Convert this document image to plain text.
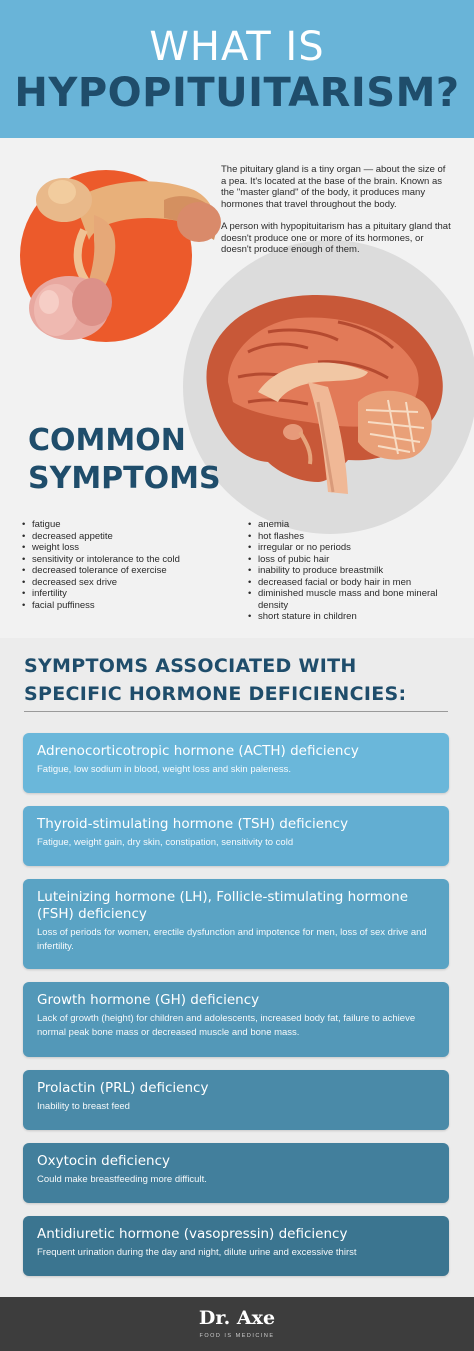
WHAT IS
HYPOPITUITARISM?

The pituitary gland is a tiny organ — about the size of a pea. It's located at the base of the brain. Known as the "master gland" of the body, it produces many hormones that travel throughout the body.

A person with hypopituitarism has a pituitary gland that doesn't produce one or more of its hormones, or doesn't produce enough of them.

COMMON
SYMPTOMS
• fatigue
• decreased appetite
• weight loss
• sensitivity or intolerance to the cold
• decreased tolerance of exercise
• decreased sex drive
• infertility
• facial puffiness
• anemia
• hot flashes
• irregular or no periods
• loss of pubic hair
• inability to produce breastmilk
• decreased facial or body hair in men
• diminished muscle mass and bone mineral density
• short stature in children
SYMPTOMS ASSOCIATED WITH
SPECIFIC HORMONE DEFICIENCIES:
Adrenocorticotropic hormone (ACTH) deficiency
Fatigue, low sodium in blood, weight loss and skin paleness.
Thyroid-stimulating hormone (TSH) deficiency
Fatigue, weight gain, dry skin, constipation, sensitivity to cold
Luteinizing hormone (LH), Follicle-stimulating hormone (FSH) deficiency
Loss of periods for women, erectile dysfunction and impotence for men, loss of sex drive and infertility.
Growth hormone (GH) deficiency
Lack of growth (height) for children and adolescents, increased body fat, failure to achieve normal peak bone mass or decreased muscle and bone mass.
Prolactin (PRL) deficiency
Inability to breast feed
Oxytocin deficiency
Could make breastfeeding more difficult.
Antidiuretic hormone (vasopressin) deficiency
Frequent urination during the day and night, dilute urine and excessive thirst
Dr. Axe
FOOD IS MEDICINE
